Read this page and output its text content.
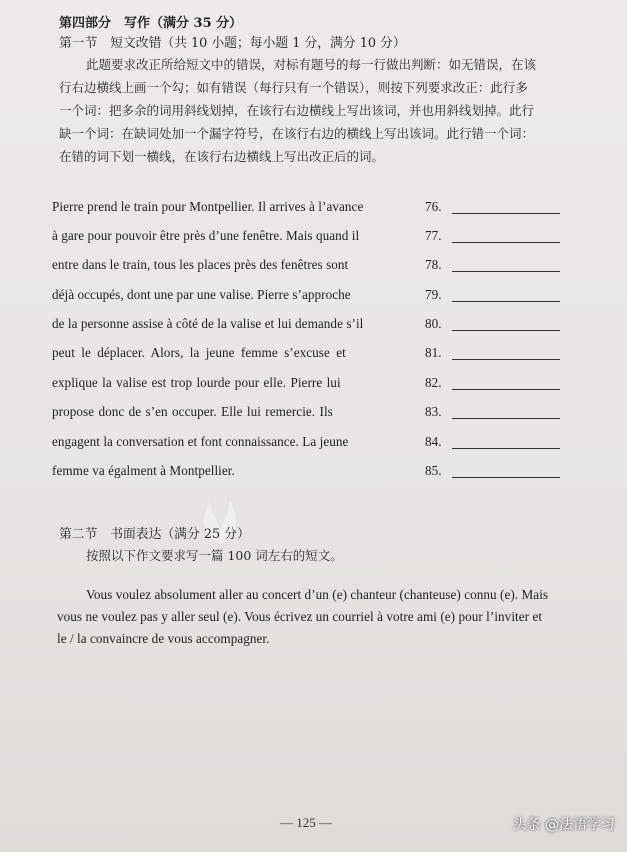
第四部分　写作（满分 35 分）
第一节　短文改错（共 10 小题；每小题 1 分，满分 10 分）
此题要求改正所给短文中的错误，对标有题号的每一行做出判断：如无错误，在该
行右边横线上画一个勾；如有错误（每行只有一个错误），则按下列要求改正：此行多
一个词：把多余的词用斜线划掉，在该行右边横线上写出该词，并也用斜线划掉。此行
缺一个词：在缺词处加一个漏字符号，在该行右边的横线上写出该词。此行错一个词：
在错的词下划一横线，在该行右边横线上写出改正后的词。
Pierre prend le train pour Montpellier. Il arrives à l’avance	76.
à gare pour pouvoir être près d’une fenêtre. Mais quand il	77.
entre dans le train, tous les places près des fenêtres sont	78.
déjà occupés, dont une par une valise. Pierre s’approche	79.
de la personne assise à côté de la valise et lui demande s’il	80.
peut le déplacer. Alors, la jeune femme s’excuse et	81.
explique la valise est trop lourde pour elle. Pierre lui	82.
propose donc de s’en occuper. Elle lui remercie. Ils	83.
engagent la conversation et font connaissance. La jeune	84.
femme va égalment à Montpellier.	85.
第二节　书面表达（满分 25 分）
按照以下作文要求写一篇 100 词左右的短文。
Vous voulez absolument aller au concert d’un (e) chanteur (chanteuse) connu (e). Mais
vous ne voulez pas y aller seul (e). Vous écrivez un courriel à votre ami (e) pour l’inviter et
le / la convaincre de vous accompagner.
— 125 —	头条 @法语学习
